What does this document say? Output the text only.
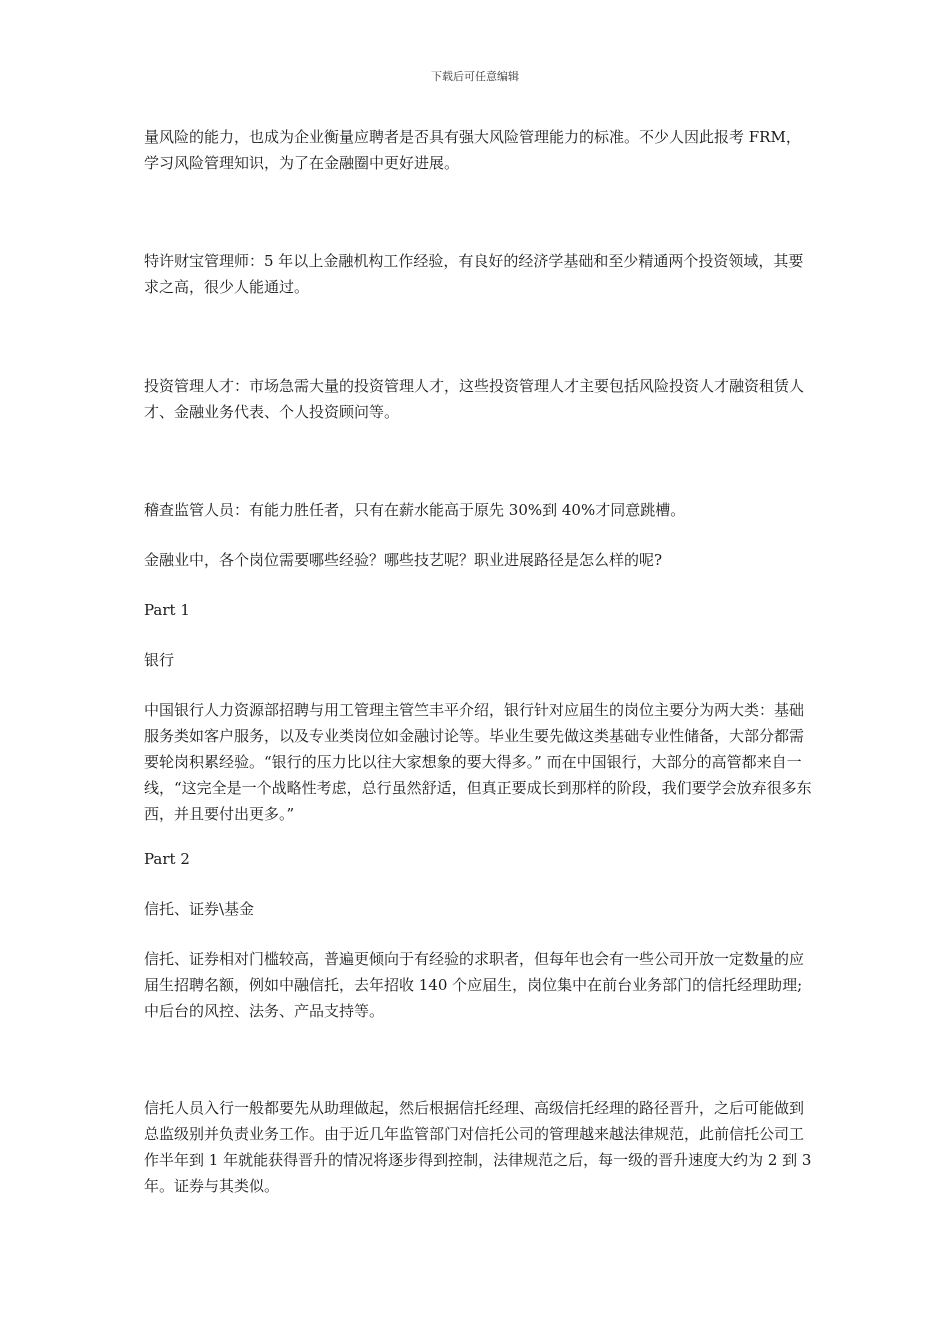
下载后可任意编辑

量风险的能力，也成为企业衡量应聘者是否具有强大风险管理能力的标准。不少人因此报考 FRM，学习风险管理知识，为了在金融圈中更好进展。

特许财宝管理师：5 年以上金融机构工作经验，有良好的经济学基础和至少精通两个投资领域，其要求之高，很少人能通过。

投资管理人才：市场急需大量的投资管理人才，这些投资管理人才主要包括风险投资人才融资租赁人才、金融业务代表、个人投资顾问等。

稽查监管人员：有能力胜任者，只有在薪水能高于原先 30%到 40%才同意跳槽。

金融业中，各个岗位需要哪些经验？哪些技艺呢？职业进展路径是怎么样的呢?

Part 1

银行

中国银行人力资源部招聘与用工管理主管竺丰平介绍，银行针对应届生的岗位主要分为两大类：基础服务类如客户服务，以及专业类岗位如金融讨论等。毕业生要先做这类基础专业性储备，大部分都需要轮岗积累经验。“银行的压力比以往大家想象的要大得多。” 而在中国银行，大部分的高管都来自一线，“这完全是一个战略性考虑，总行虽然舒适，但真正要成长到那样的阶段，我们要学会放弃很多东西，并且要付出更多。”

Part 2

信托、证券\基金

信托、证券相对门槛较高，普遍更倾向于有经验的求职者，但每年也会有一些公司开放一定数量的应届生招聘名额，例如中融信托，去年招收 140 个应届生，岗位集中在前台业务部门的信托经理助理;中后台的风控、法务、产品支持等。

信托人员入行一般都要先从助理做起，然后根据信托经理、高级信托经理的路径晋升，之后可能做到总监级别并负责业务工作。由于近几年监管部门对信托公司的管理越来越法律规范，此前信托公司工作半年到 1 年就能获得晋升的情况将逐步得到控制，法律规范之后，每一级的晋升速度大约为 2 到 3 年。证券与其类似。
